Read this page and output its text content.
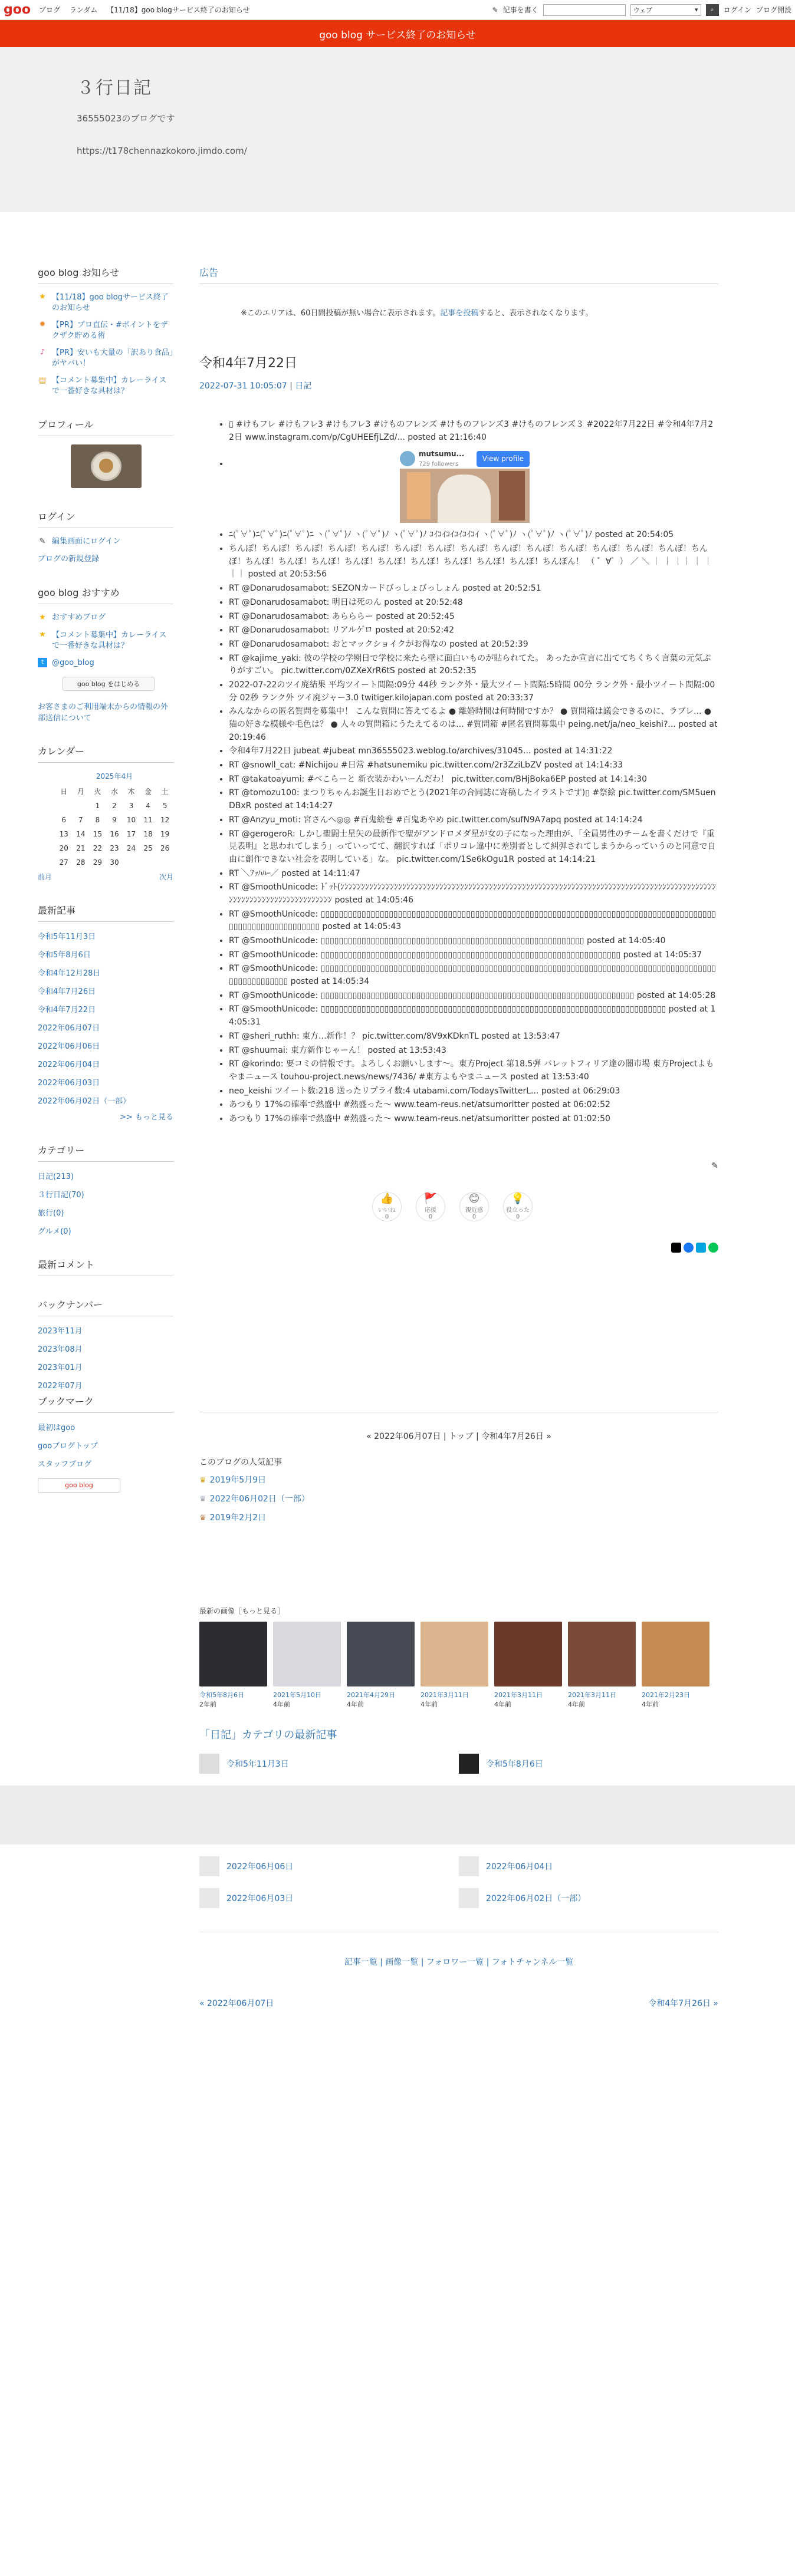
goo ブログ ランダム 【11/18】goo blogサービス終了のお知らせ	✎ 記事を書く	ウェブ	▾ ⌕ ログイン ブログ開設
goo blog サービス終了のお知らせ
３行日記

36555023のブログです

https://t178chennazkokoro.jimdo.com/

goo blog お知らせ
★ 【11/18】goo blogサービス終了のお知らせ
✹ 【PR】プロ直伝・#ポイントをザクザク貯める術
♪ 【PR】安いも大量の「訳あり食品」がヤバい！
▤ 【コメント募集中】カレーライスで一番好きな具材は？
プロフィール
ログイン
✎ 編集画面にログイン
ブログの新規登録
goo blog おすすめ
★ おすすめブログ
★ 【コメント募集中】カレーライスで一番好きな具材は？
t	@goo_blog
goo blog をはじめる
お客さまのご利用端末からの情報の外部送信について
カレンダー
2025年4月
日	月	火	水	木	金	土
		1	2	3	4	5
6	7	8	9	10	11	12
13	14	15	16	17	18	19
20	21	22	23	24	25	26
27	28	29	30			
前月	次月
最新記事
令和5年11月3日
令和5年8月6日
令和4年12月28日
令和4年7月26日
令和4年7月22日
2022年06月07日
2022年06月06日
2022年06月04日
2022年06月03日
2022年06月02日（一部）
>> もっと見る
カテゴリー
日記(213)
３行日記(70)
旅行(0)
グルメ(0)
最新コメント
バックナンバー
2023年11月
2023年08月
2023年01月
2022年07月
ブックマーク
最初はgoo
gooブログトップ
スタッフブログ
goo blog
広告
※このエリアは、60日間投稿が無い場合に表示されます。記事を投稿すると、表示されなくなります。
令和4年7月22日
2022-07-31 10:05:07 | 日記
• ▯ #けもフレ #けもフレ3 #けもフレ3 #けものフレンズ #けものフレンズ3 #けものフレンズ３ #2022年7月22日 #令和4年7月22日 www.instagram.com/p/CgUHEEfjLZd/... posted at 21:16:40
• mutsumu...
729 followers
View profile
• ﾆ(ﾟ∀ﾟ)ﾆ(ﾟ∀ﾟ)ﾆ(ﾟ∀ﾟ)ﾆ ヽ(ﾟ∀ﾟ)ﾉ ヽ(ﾟ∀ﾟ)ﾉ ヽ(ﾟ∀ﾟ)ﾉ ｺｲｺｲｺｲｺｲｺｲｺｲ ヽ(ﾟ∀ﾟ)ﾉ ヽ(ﾟ∀ﾟ)ﾉ ヽ(ﾟ∀ﾟ)ﾉ posted at 20:54:05
• ちんぽ！ちんぽ！ちんぽ！ちんぽ！ちんぽ！ちんぽ！ちんぽ！ちんぽ！ちんぽ！ちんぽ！ちんぽ！ちんぽ！ちんぽ！ちんぽ！ちんぽ！ちんぽ！ちんぽ！ちんぽ！ちんぽ！ちんぽ！ちんぽ！ちんぽ！ちんぽ！ちんぽ！ちんぽん！ （ ゜∀゜） ／ ＼ ｜ ｜ ｜｜ ｜ ｜ ｜｜ posted at 20:53:56
• RT @Donarudosamabot: SEZONカードびっしょびっしょん posted at 20:52:51
• RT @Donarudosamabot: 明日は死のん posted at 20:52:48
• RT @Donarudosamabot: あらららー posted at 20:52:45
• RT @Donarudosamabot: リアルゲロ posted at 20:52:42
• RT @Donarudosamabot: おとマックショイクがお得なの posted at 20:52:39
• RT @kajime_yaki: 彼の学校の学期日で学校に来たら壁に面白いものが貼られてた。 あったか宣言に出ててちくちく言葉の元気ぷりがすごい。 pic.twitter.com/0ZXeXrR6tS posted at 20:52:35
• 2022-07-22のツイ廃結果 平均ツイート間隔:09分 44秒 ランク外・最大ツイート間隔:5時間 00分 ランク外・最小ツイート間隔:00分 02秒 ランク外 ツイ廃ジャー3.0 twitiger.kilojapan.com posted at 20:33:37
• みんなからの匿名質問を募集中！ こんな質問に答えてるよ ● 離婚時間は何時間ですか？ ● 質問箱は議会できるのに、ラブレ... ● 猫の好きな模様や毛色は？ ● 人々の質問箱にうたえてるのは... #質問箱 #匿名質問募集中 peing.net/ja/neo_keishi?... posted at 20:19:46
• 令和4年7月22日 jubeat #jubeat mn36555023.weblog.to/archives/31045... posted at 14:31:22
• RT @snowll_cat: #Nichijou #日常 #hatsunemiku pic.twitter.com/2r3ZziLbZV posted at 14:14:33
• RT @takatoayumi: #ベこらーと 新衣装かわいーんだわ！ pic.twitter.com/BHjBoka6EP posted at 14:14:30
• RT @tomozu100: まつりちゃんお誕生日おめでとう(2021年の合同誌に寄稿したイラストです)▯ #祭絵 pic.twitter.com/SM5uenDBxR posted at 14:14:27
• RT @Anzyu_moti: 宮さんへ◎◎ #百鬼絵巻 #百鬼あやめ pic.twitter.com/sufN9A7apq posted at 14:14:24
• RT @gerogeroR: しかし聖闘士星矢の最新作で聖がアンドロメダ星が女の子になった理由が、「全員男性のチームを書くだけで『重見表明』と思われてしまう」っていってて、翻訳すれば「ポリコレ違中に差別者として糾弾されてしまうからっていうのと同意で自由に創作できない社会を表明している」な。 pic.twitter.com/1Se6kOgu1R posted at 14:14:21
• RT ＼ﾌｯﾊﾊｰ／ posted at 14:11:47
• RT @SmoothUnicode: ﾄﾞｯﾄ(ﾝﾝﾝﾝﾝﾝﾝﾝﾝﾝﾝﾝﾝﾝﾝﾝﾝﾝﾝﾝﾝﾝﾝﾝﾝﾝﾝﾝﾝﾝﾝﾝﾝﾝﾝﾝﾝﾝﾝﾝﾝﾝﾝﾝﾝﾝﾝﾝﾝﾝﾝﾝﾝﾝﾝﾝﾝﾝﾝﾝﾝﾝﾝﾝﾝﾝﾝﾝﾝﾝﾝﾝﾝﾝﾝﾝﾝﾝﾝﾝﾝﾝﾝﾝﾝﾝﾝﾝﾝﾝﾝﾝﾝﾝﾝﾝﾝﾝﾝﾝﾝﾝﾝﾝﾝﾝﾝﾝﾝﾝﾝﾝﾝﾝﾝﾝ posted at 14:05:46
• RT @SmoothUnicode: ▯▯▯▯▯▯▯▯▯▯▯▯▯▯▯▯▯▯▯▯▯▯▯▯▯▯▯▯▯▯▯▯▯▯▯▯▯▯▯▯▯▯▯▯▯▯▯▯▯▯▯▯▯▯▯▯▯▯▯▯▯▯▯▯▯▯▯▯▯▯▯▯▯▯▯▯▯▯▯▯▯▯▯▯▯▯▯▯▯▯▯▯▯▯▯▯▯▯▯▯▯▯▯▯▯▯▯ posted at 14:05:43
• RT @SmoothUnicode: ▯▯▯▯▯▯▯▯▯▯▯▯▯▯▯▯▯▯▯▯▯▯▯▯▯▯▯▯▯▯▯▯▯▯▯▯▯▯▯▯▯▯▯▯▯▯▯▯▯▯▯▯▯▯▯▯▯▯ posted at 14:05:40
• RT @SmoothUnicode: ▯▯▯▯▯▯▯▯▯▯▯▯▯▯▯▯▯▯▯▯▯▯▯▯▯▯▯▯▯▯▯▯▯▯▯▯▯▯▯▯▯▯▯▯▯▯▯▯▯▯▯▯▯▯▯▯▯▯▯▯▯▯▯▯▯▯ posted at 14:05:37
• RT @SmoothUnicode: ▯▯▯▯▯▯▯▯▯▯▯▯▯▯▯▯▯▯▯▯▯▯▯▯▯▯▯▯▯▯▯▯▯▯▯▯▯▯▯▯▯▯▯▯▯▯▯▯▯▯▯▯▯▯▯▯▯▯▯▯▯▯▯▯▯▯▯▯▯▯▯▯▯▯▯▯▯▯▯▯▯▯▯▯▯▯▯▯▯▯▯▯▯▯▯▯▯▯▯▯ posted at 14:05:34
• RT @SmoothUnicode: ▯▯▯▯▯▯▯▯▯▯▯▯▯▯▯▯▯▯▯▯▯▯▯▯▯▯▯▯▯▯▯▯▯▯▯▯▯▯▯▯▯▯▯▯▯▯▯▯▯▯▯▯▯▯▯▯▯▯▯▯▯▯▯▯▯▯▯▯▯ posted at 14:05:28
• RT @SmoothUnicode: ▯▯▯▯▯▯▯▯▯▯▯▯▯▯▯▯▯▯▯▯▯▯▯▯▯▯▯▯▯▯▯▯▯▯▯▯▯▯▯▯▯▯▯▯▯▯▯▯▯▯▯▯▯▯▯▯▯▯▯▯▯▯▯▯▯▯▯▯▯▯▯▯▯▯▯▯ posted at 14:05:31
• RT @sheri_ruthh: 東方...新作！？ pic.twitter.com/8V9xKDknTL posted at 13:53:47
• RT @shuumai: 東方新作じゃーん！ posted at 13:53:43
• RT @korindo: 要コミの情報です。よろしくお願いします～。東方Project 第18.5弾 バレットフィリア達の闇市場 東方Projectよもやまニュース touhou-project.news/news/7436/ #東方よもやまニュース posted at 13:53:40
• neo_keishi ツイート数:218 送ったリプライ数:4 utabami.com/TodaysTwitterL... posted at 06:29:03
• あつもり 17%の確率で熱盛中 #熱盛った～ www.team-reus.net/atsumoritter posted at 06:02:52
• あつもり 17%の確率で熱盛中 #熱盛った～ www.team-reus.net/atsumoritter posted at 01:02:50
✎
👍
いいね
0
🚩
応援
0
😊
親近感
0
💡
役立った
0
« 2022年06月07日 | トップ | 令和4年7月26日 »
このブログの人気記事
♛ 2019年5月9日
♛ 2022年06月02日（一部）
♛ 2019年2月2日
最新の画像［もっと見る］
令和5年8月6日
2年前
2021年5月10日
4年前
2021年4月29日
4年前
2021年3月11日
4年前
2021年3月11日
4年前
2021年3月11日
4年前
2021年2月23日
4年前
「日記」カテゴリの最新記事
令和5年11月3日	令和5年8月6日
2022年06月06日	2022年06月04日
2022年06月03日	2022年06月02日（一部）
記事一覧 | 画像一覧 | フォロワー一覧 | フォトチャンネル一覧
« 2022年06月07日	令和4年7月26日 »
